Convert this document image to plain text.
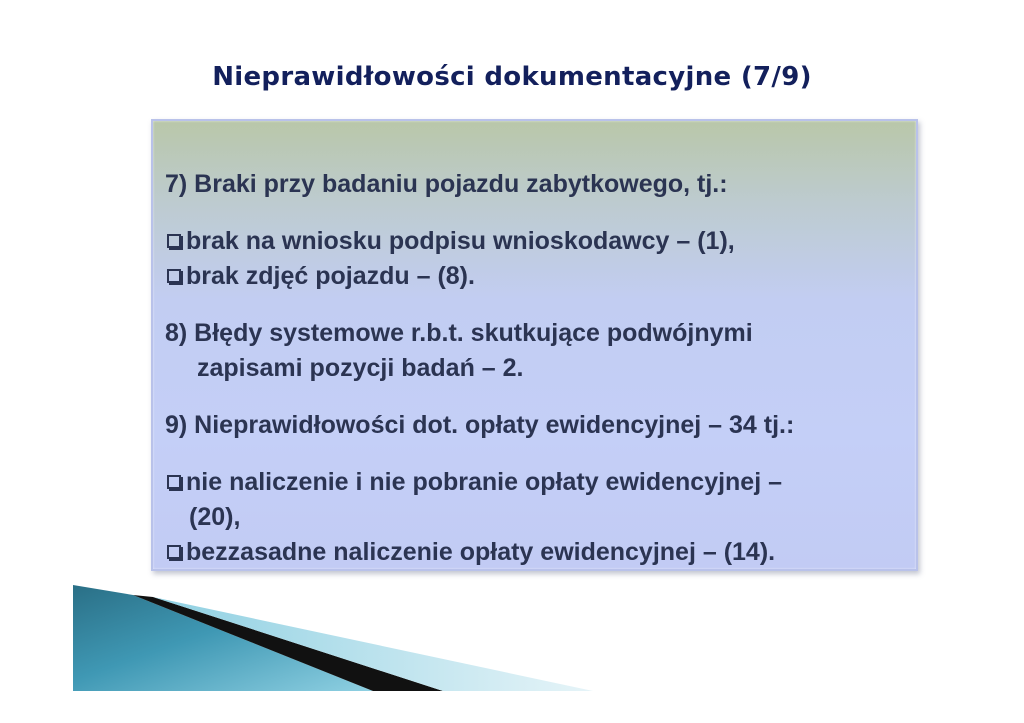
Nieprawidłowości dokumentacyjne (7/9)
7) Braki przy badaniu pojazdu zabytkowego, tj.:
brak na wniosku podpisu wnioskodawcy – (1),
brak zdjęć pojazdu – (8).
8) Błędy systemowe r.b.t. skutkujące podwójnymi
zapisami pozycji badań – 2.
9) Nieprawidłowości dot. opłaty ewidencyjnej – 34 tj.:
nie naliczenie i nie pobranie opłaty ewidencyjnej –
(20),
bezzasadne naliczenie opłaty ewidencyjnej – (14).
